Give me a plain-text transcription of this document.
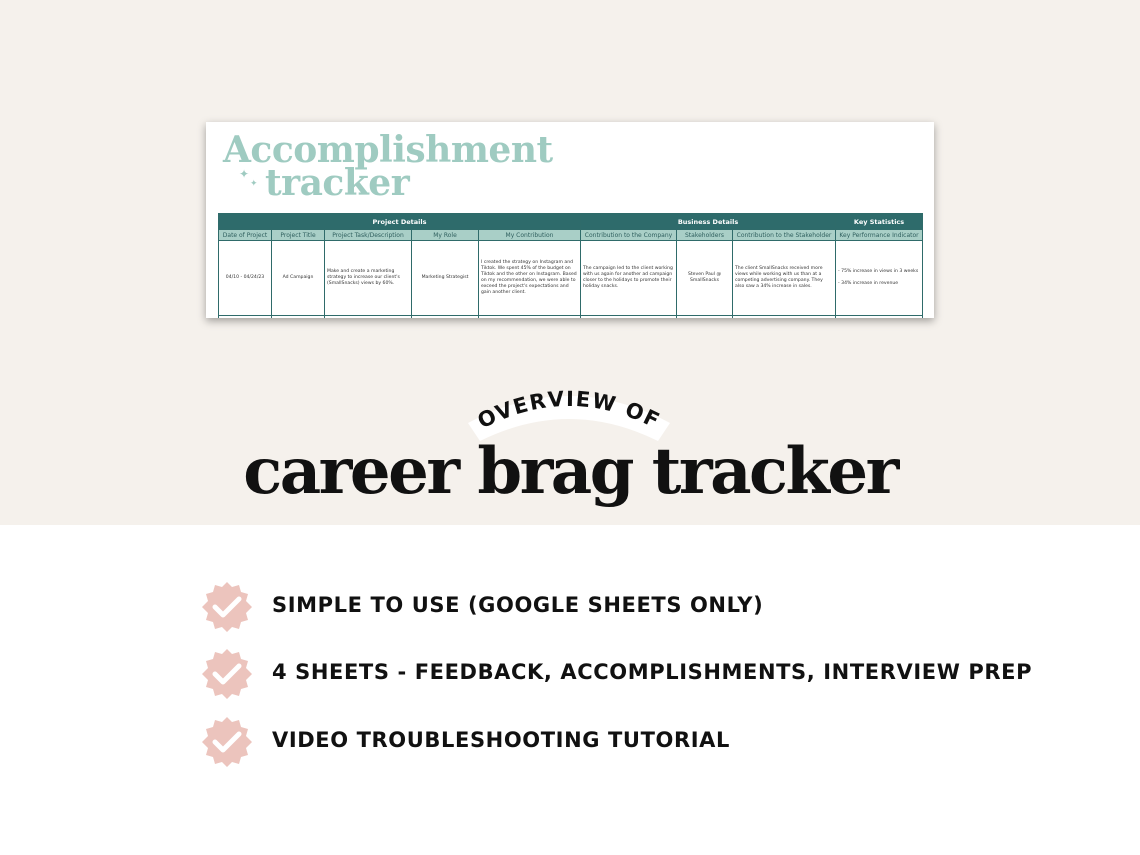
Accomplishment
tracker
✦
✦
Project Details					Business Details			Key Statistics
Date of Project	Project Title	Project Task/Description	My Role	My Contribution	Contribution to the Company	Stakeholders	Contribution to the Stakeholder	Key Performance Indicator
04/10 - 04/24/23	Ad Campaign	Make and create a marketing strategy to increase our client's (SmallSnacks) views by 60%.	Marketing Strategist	I created the strategy on Instagram and Tiktok. We spent 45% of the budget on Tiktok and the other on Instagram. Based on my recommendation, we were able to exceed the project's expectations and gain another client.	The campaign led to the client working with us again for another ad campaign closer to the holidays to promote their holiday snacks.	Steven Paul @ SmallSnacks	The client SmallSnacks received more views while working with us than at a competing advertising company. They also saw a 34% increase in sales.	- 75% increase in views in 3 weeks
- 34% increase in revenue

OVERVIEW OF
career brag tracker
SIMPLE TO USE (GOOGLE SHEETS ONLY)
4 SHEETS - FEEDBACK, ACCOMPLISHMENTS, INTERVIEW PREP
VIDEO TROUBLESHOOTING TUTORIAL
